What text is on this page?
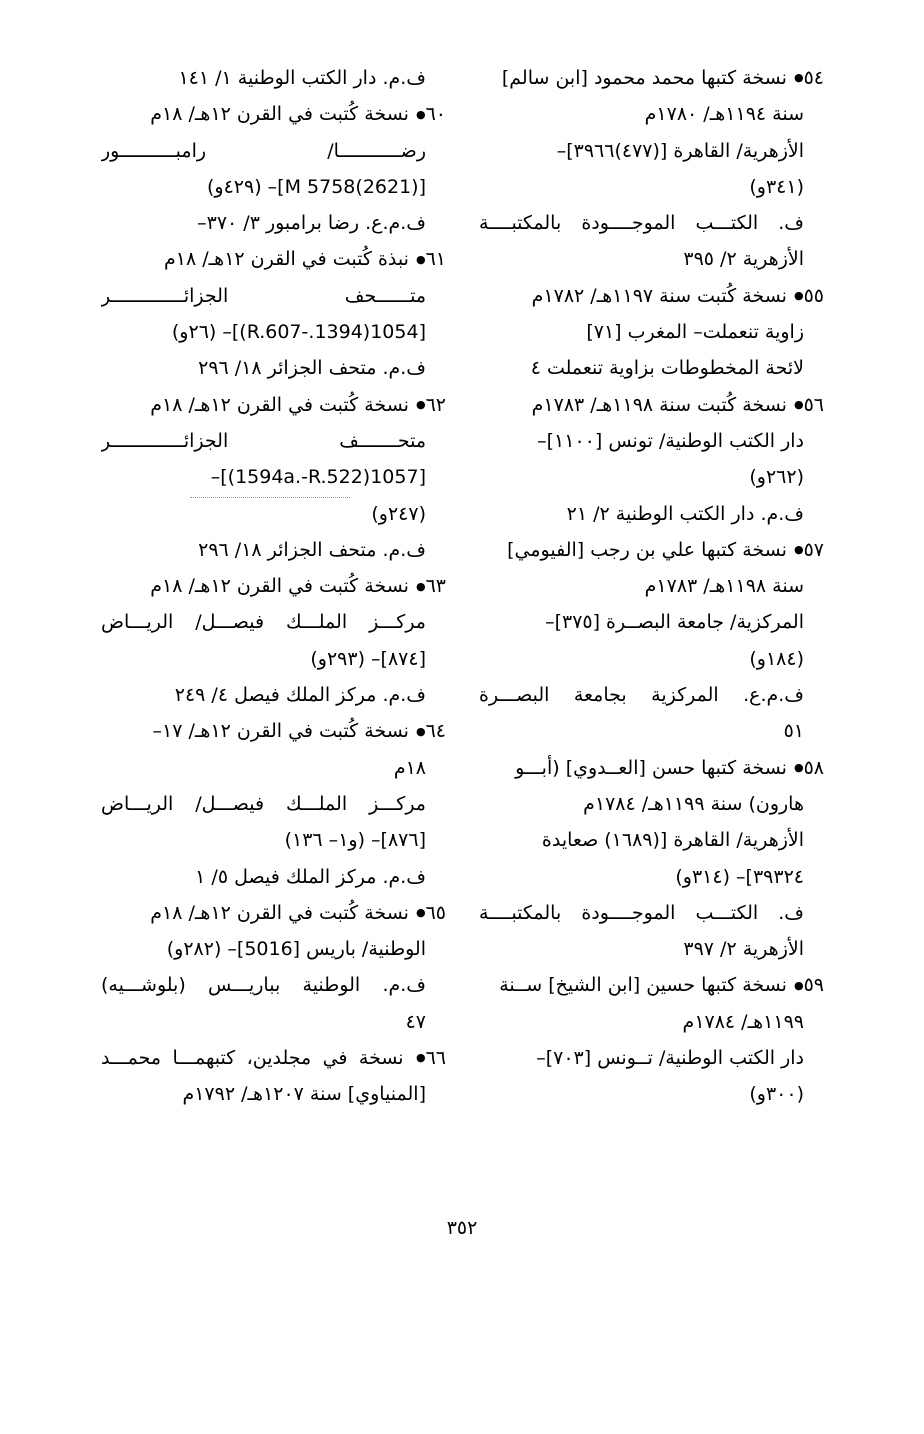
٥٤● نسخة كتبها محمد محمود [ابن سالم]
سنة ١١٩٤هـ/ ١٧٨٠م
الأزهرية/ القاهرة [(٤٧٧)٣٩٦٦]–
(٣٤١و)
ف. الكتـــب الموجــــودة بالمكتبــــة
الأزهرية ٢/ ٣٩٥
٥٥● نسخة كُتبت سنة ١١٩٧هـ/ ١٧٨٢م
زاوية تنعملت– المغرب [٧١]
لائحة المخطوطات بزاوية تنعملت ٤
٥٦● نسخة كُتبت سنة ١١٩٨هـ/ ١٧٨٣م
دار الكتب الوطنية/ تونس [١١٠٠]–
(٢٦٢و)
ف.م. دار الكتب الوطنية ٢/ ٢١
٥٧● نسخة كتبها علي بن رجب [الفيومي]
سنة ١١٩٨هـ/ ١٧٨٣م
المركزية/ جامعة البصــرة [٣٧٥]–
(١٨٤و)
ف.م.ع. المركزية بجامعة البصـــرة
٥١
٥٨● نسخة كتبها حسن [العــدوي] (أبـــو
هارون) سنة ١١٩٩هـ/ ١٧٨٤م
الأزهرية/ القاهرة [(١٦٨٩) صعايدة
٣٩٣٢٤]– (٣١٤و)
ف. الكتـــب الموجــــودة بالمكتبــــة
الأزهرية ٢/ ٣٩٧
٥٩● نسخة كتبها حسين [ابن الشيخ] ســنة
١١٩٩هـ/ ١٧٨٤م
دار الكتب الوطنية/ تــونس [٧٠٣]–
(٣٠٠و)
ف.م. دار الكتب الوطنية ١/ ١٤١
٦٠● نسخة كُتبت في القرن ١٢هـ/ ١٨م
رضـــــــــــا/ رامبــــــــــور
[(2621)5758 M]– (٤٢٩و)
ف.م.ع. رضا برامبور ٣/ ٣٧٠–
٦١● نبذة كُتبت في القرن ١٢هـ/ ١٨م
متــــــحف الجزائـــــــــــــر
[1054(1394.-R.607)]– (٢٦و)
ف.م. متحف الجزائر ١٨/ ٢٩٦
٦٢● نسخة كُتبت في القرن ١٢هـ/ ١٨م
متحـــــــف الجزائـــــــــــــر
[1057(1594a.-R.522)]–
(٢٤٧و)
ف.م. متحف الجزائر ١٨/ ٢٩٦
٦٣● نسخة كُتبت في القرن ١٢هـ/ ١٨م
مركـــز الملـــك فيصـــل/ الريـــاض
[٨٧٤]– (٢٩٣و)
ف.م. مركز الملك فيصل ٤/ ٢٤٩
٦٤● نسخة كُتبت في القرن ١٢هـ/ ١٧–
١٨م
مركـــز الملـــك فيصـــل/ الريـــاض
[٨٧٦]– (و١– ١٣٦)
ف.م. مركز الملك فيصل ٥/ ١
٦٥● نسخة كُتبت في القرن ١٢هـ/ ١٨م
الوطنية/ باريس [5016]– (٢٨٢و)
ف.م. الوطنية بباريـــس (بلوشـــيه)
٤٧
٦٦● نسخة في مجلدين، كتبهمـــا محمـــد
[المنياوي] سنة ١٢٠٧هـ/ ١٧٩٢م
٣٥٢
